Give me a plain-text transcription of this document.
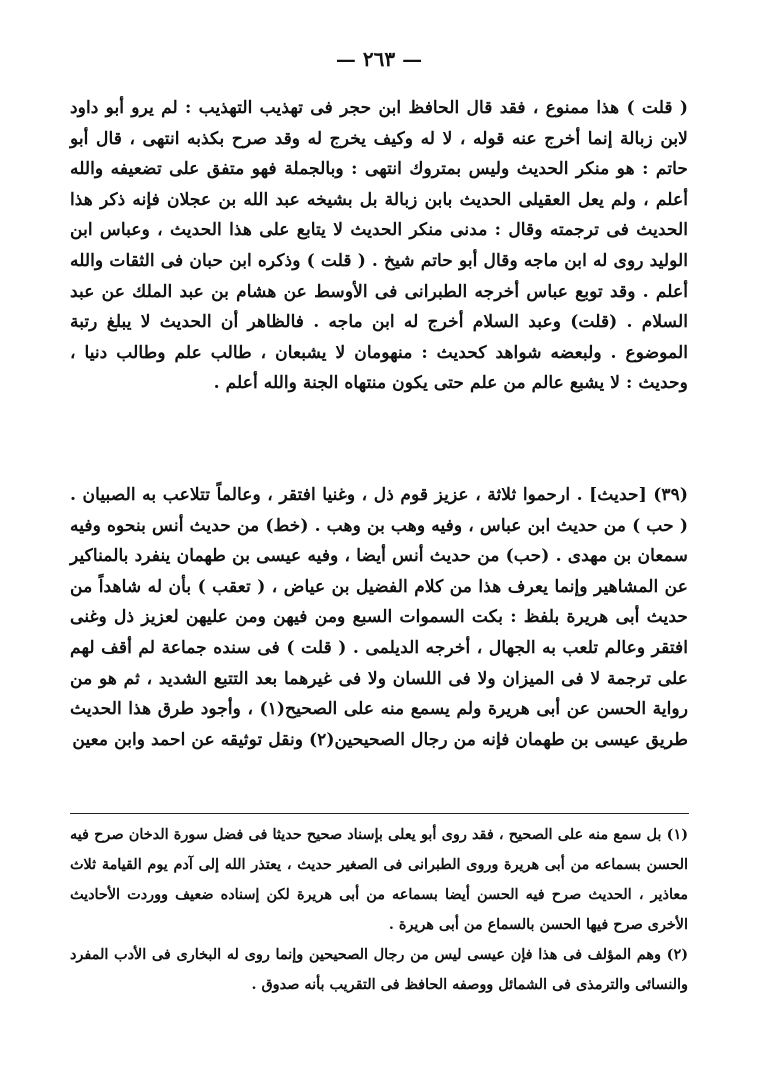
— ٢٦٣ —

( قلت ) هذا ممنوع ، فقد قال الحافظ ابن حجر فى تهذيب التهذيب : لم يرو أبو داود لابن زبالة إنما أخرج عنه قوله ، لا له وكيف يخرج له وقد صرح بكذبه انتهى ، قال أبو حاتم : هو منكر الحديث وليس بمتروك انتهى : وبالجملة فهو متفق على تضعيفه والله أعلم ، ولم يعل العقيلى الحديث بابن زبالة بل بشيخه عبد الله بن عجلان فإنه ذكر هذا الحديث فى ترجمته وقال : مدنى منكر الحديث لا يتابع على هذا الحديث ، وعباس ابن الوليد روى له ابن ماجه وقال أبو حاتم شيخ . ( قلت ) وذكره ابن حبان فى الثقات والله أعلم . وقد توبع عباس أخرجه الطبرانى فى الأوسط عن هشام بن عبد الملك عن عبد السلام . (قلت) وعبد السلام أخرج له ابن ماجه . فالظاهر أن الحديث لا يبلغ رتبة الموضوع . ولبعضه شواهد كحديث : منهومان لا يشبعان ، طالب علم وطالب دنيا ، وحديث : لا يشبع عالم من علم حتى يكون منتهاه الجنة والله أعلم .

(٣٩) [حديث] . ارحموا ثلاثة ، عزيز قوم ذل ، وغنيا افتقر ، وعالماً تتلاعب به الصبيان . ( حب ) من حديث ابن عباس ، وفيه وهب بن وهب . (خط) من حديث أنس بنحوه وفيه سمعان بن مهدى . (حب) من حديث أنس أيضا ، وفيه عيسى بن طهمان ينفرد بالمناكير عن المشاهير وإنما يعرف هذا من كلام الفضيل بن عياض ، ( تعقب ) بأن له شاهداً من حديث أبى هريرة بلفظ : بكت السموات السبع ومن فيهن ومن عليهن لعزيز ذل وغنى افتقر وعالم تلعب به الجهال ، أخرجه الديلمى . ( قلت ) فى سنده جماعة لم أقف لهم على ترجمة لا فى الميزان ولا فى اللسان ولا فى غيرهما بعد التتبع الشديد ، ثم هو من رواية الحسن عن أبى هريرة ولم يسمع منه على الصحيح(١) ، وأجود طرق هذا الحديث طريق عيسى بن طهمان فإنه من رجال الصحيحين(٢) ونقل توثيقه عن احمد وابن معين

(١) بل سمع منه على الصحيح ، فقد روى أبو يعلى بإسناد صحيح حديثا فى فضل سورة الدخان صرح فيه الحسن بسماعه من أبى هريرة وروى الطبرانى فى الصغير حديث ، يعتذر الله إلى آدم يوم القيامة ثلاث معاذير ، الحديث صرح فيه الحسن أيضا بسماعه من أبى هريرة لكن إسناده ضعيف ووردت الأحاديث الأخرى صرح فيها الحسن بالسماع من أبى هريرة .

(٢) وهم المؤلف فى هذا فإن عيسى ليس من رجال الصحيحين وإنما روى له البخارى فى الأدب المفرد والنسائى والترمذى فى الشمائل ووصفه الحافظ فى التقريب بأنه صدوق .
